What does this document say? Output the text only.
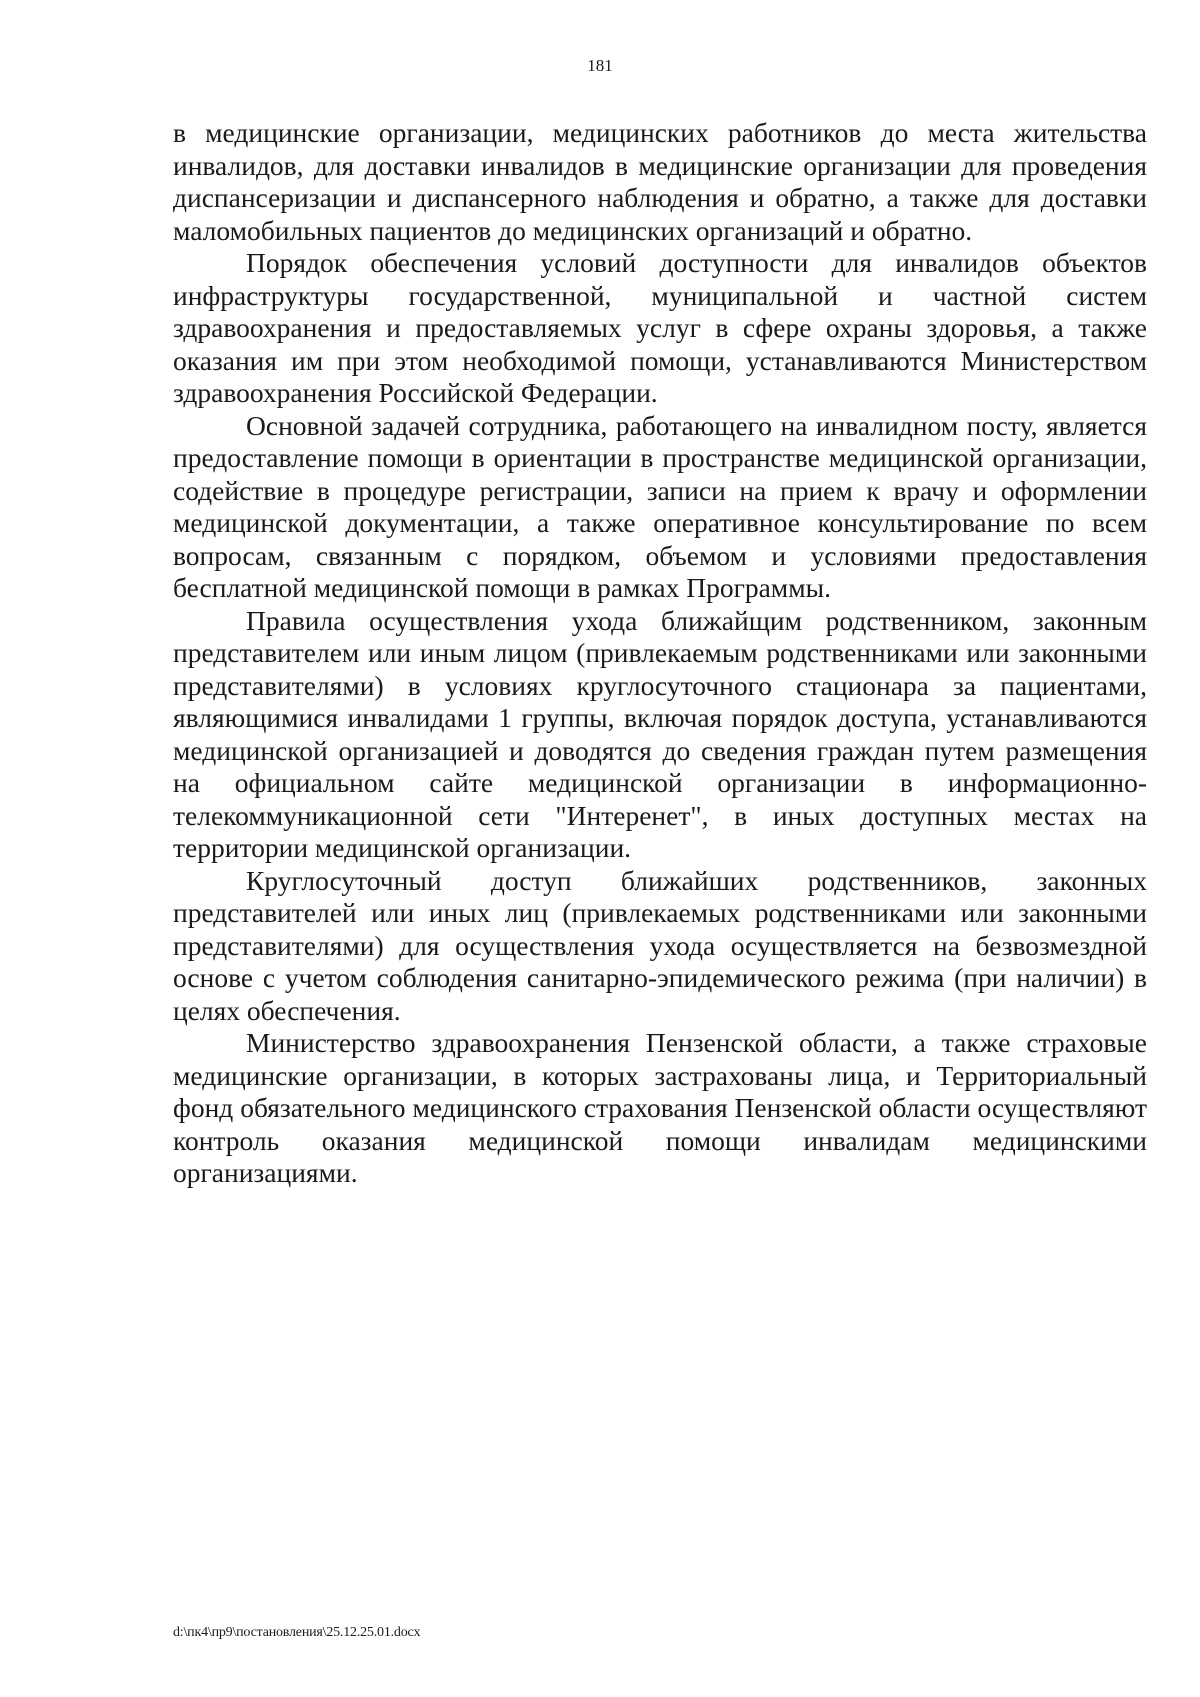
181

в медицинские организации, медицинских работников до места жительства инвалидов, для доставки инвалидов в медицинские организации для проведения диспансеризации и диспансерного наблюдения и обратно, а также для доставки маломобильных пациентов до медицинских организаций и обратно.

Порядок обеспечения условий доступности для инвалидов объектов инфраструктуры государственной, муниципальной и частной систем здравоохранения и предоставляемых услуг в сфере охраны здоровья, а также оказания им при этом необходимой помощи, устанавливаются Министерством здравоохранения Российской Федерации.

Основной задачей сотрудника, работающего на инвалидном посту, является предоставление помощи в ориентации в пространстве медицинской организации, содействие в процедуре регистрации, записи на прием к врачу и оформлении медицинской документации, а также оперативное консультирование по всем вопросам, связанным с порядком, объемом и условиями предоставления бесплатной медицинской помощи в рамках Программы.

Правила осуществления ухода ближайщим родственником, законным представителем или иным лицом (привлекаемым родственниками или законными представителями) в условиях круглосуточного стационара за пациентами, являющимися инвалидами 1 группы, включая порядок доступа, устанавливаются медицинской организацией и доводятся до сведения граждан путем размещения на официальном сайте медицинской организации в информационно-телекоммуникационной сети "Интеренет", в иных доступных местах на территории медицинской организации.

Круглосуточный доступ ближайших родственников, законных представителей или иных лиц (привлекаемых родственниками или законными представителями) для осуществления ухода осуществляется на безвозмездной основе с учетом соблюдения санитарно-эпидемического режима (при наличии) в целях обеспечения.

Министерство здравоохранения Пензенской области, а также страховые медицинские организации, в которых застрахованы лица, и Территориальный фонд обязательного медицинского страхования Пензенской области осуществляют контроль оказания медицинской помощи инвалидам медицинскими организациями.

d:\пк4\пр9\постановления\25.12.25.01.docx
